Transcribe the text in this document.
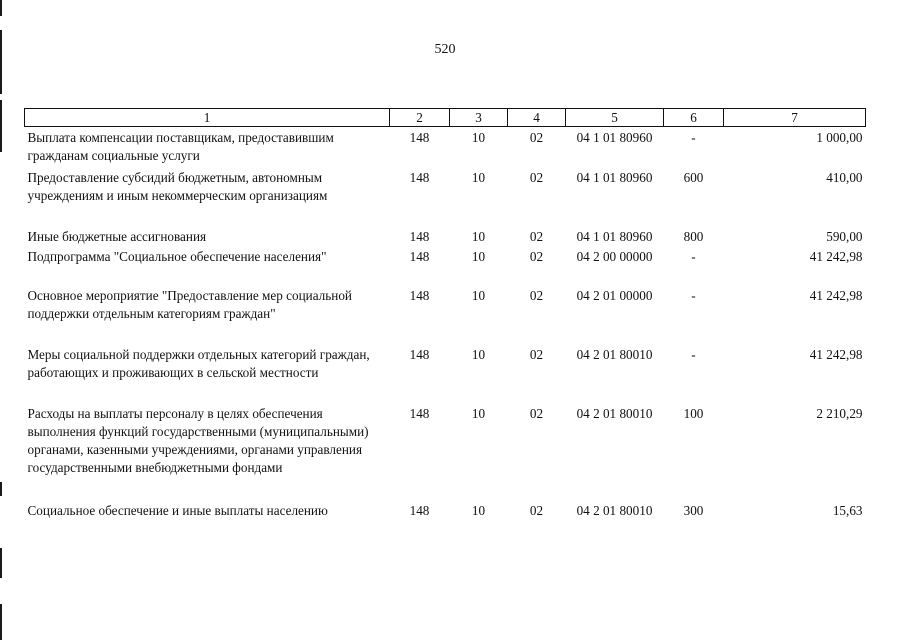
520
1	2	3	4	5	6	7
Выплата компенсации поставщикам, предоставившим гражданам социальные услуги	148	10	02	04 1 01 80960	-	1 000,00
Предоставление субсидий бюджетным, автономным учреждениям и иным некоммерческим организациям	148	10	02	04 1 01 80960	600	410,00
Иные бюджетные ассигнования	148	10	02	04 1 01 80960	800	590,00
Подпрограмма "Социальное обеспечение населения"	148	10	02	04 2 00 00000	-	41 242,98
Основное мероприятие "Предоставление мер социальной поддержки отдельным категориям граждан"	148	10	02	04 2 01 00000	-	41 242,98
Меры социальной поддержки отдельных категорий граждан, работающих и проживающих в сельской местности	148	10	02	04 2 01 80010	-	41 242,98
Расходы на выплаты персоналу в целях обеспечения выполнения функций государственными (муниципальными) органами, казенными учреждениями, органами управления государственными внебюджетными фондами	148	10	02	04 2 01 80010	100	2 210,29
Социальное обеспечение и иные выплаты населению	148	10	02	04 2 01 80010	300	15,63
